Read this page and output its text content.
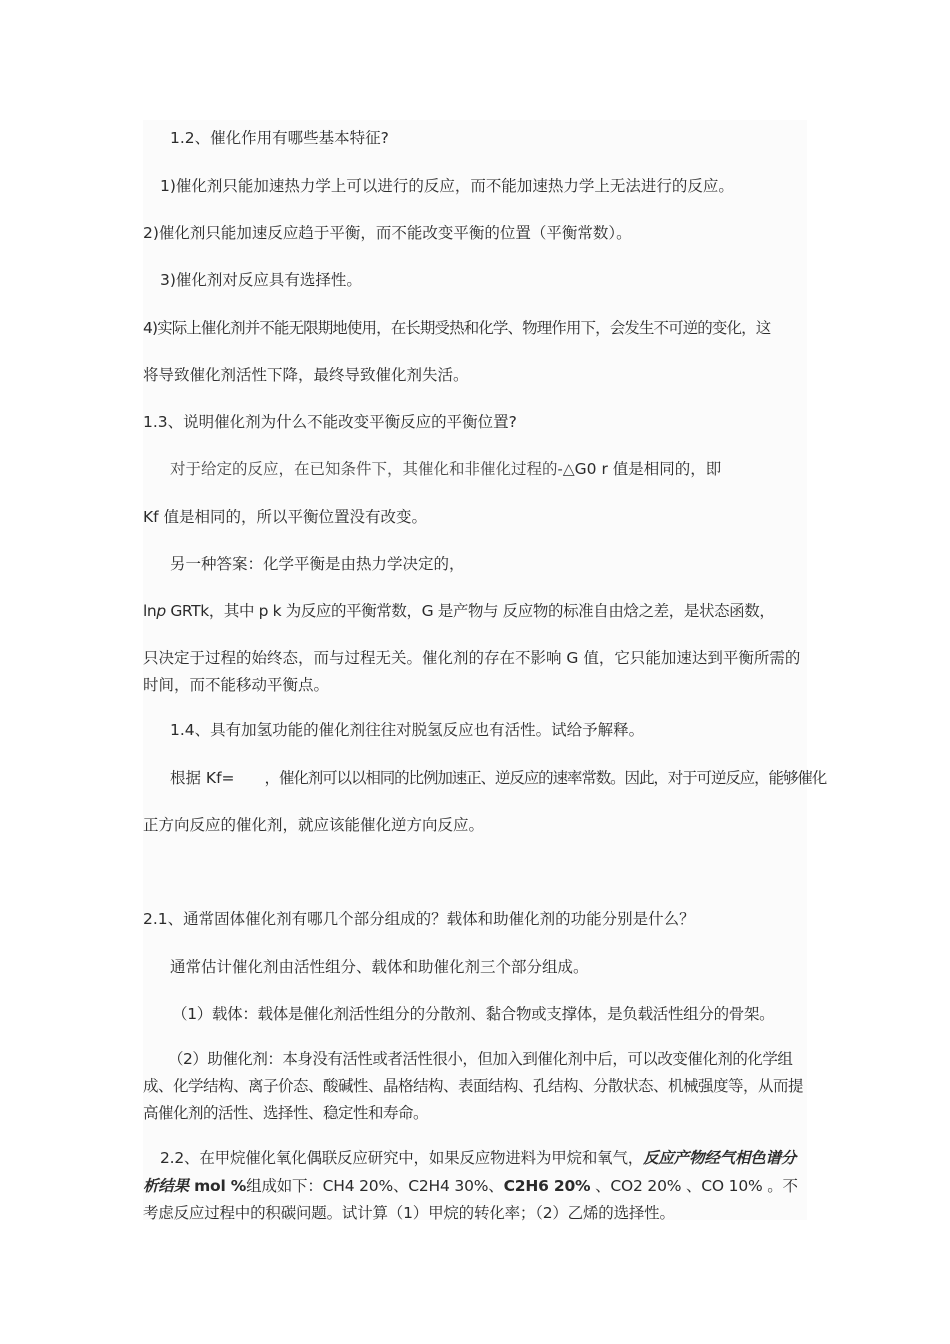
1.2、催化作用有哪些基本特征?
1)催化剂只能加速热力学上可以进行的反应，而不能加速热力学上无法进行的反应。
2)催化剂只能加速反应趋于平衡，而不能改变平衡的位置（平衡常数）。
3)催化剂对反应具有选择性。
4)实际上催化剂并不能无限期地使用，在长期受热和化学、物理作用下，会发生不可逆的变化，这
将导致催化剂活性下降，最终导致催化剂失活。
1.3、说明催化剂为什么不能改变平衡反应的平衡位置?
对于给定的反应，在已知条件下，其催化和非催化过程的-△G0 r 值是相同的，即
Kf 值是相同的，所以平衡位置没有改变。
另一种答案：化学平衡是由热力学决定的，
lnp GRTk，其中 p k 为反应的平衡常数，G 是产物与 反应物的标准自由焓之差，是状态函数，
只决定于过程的始终态，而与过程无关。催化剂的存在不影响 G 值，它只能加速达到平衡所需的时间，而不能移动平衡点。
1.4、具有加氢功能的催化剂往往对脱氢反应也有活性。试给予解释。
根据 Kf= ，催化剂可以以相同的比例加速正、逆反应的速率常数。因此，对于可逆反应，能够催化
正方向反应的催化剂，就应该能催化逆方向反应。
2.1、通常固体催化剂有哪几个部分组成的？载体和助催化剂的功能分别是什么？
通常估计催化剂由活性组分、载体和助催化剂三个部分组成。
（1）载体：载体是催化剂活性组分的分散剂、黏合物或支撑体，是负载活性组分的骨架。
（2）助催化剂：本身没有活性或者活性很小，但加入到催化剂中后，可以改变催化剂的化学组成、化学结构、离子价态、酸碱性、晶格结构、表面结构、孔结构、分散状态、机械强度等，从而提高催化剂的活性、选择性、稳定性和寿命。
2.2、在甲烷催化氧化偶联反应研究中，如果反应物进料为甲烷和氧气，反应产物经气相色谱分析结果 mol %组成如下：CH4 20%、C2H4 30%、C2H6 20% 、CO2 20% 、CO 10% 。不考虑反应过程中的积碳问题。试计算（1）甲烷的转化率；（2）乙烯的选择性。
